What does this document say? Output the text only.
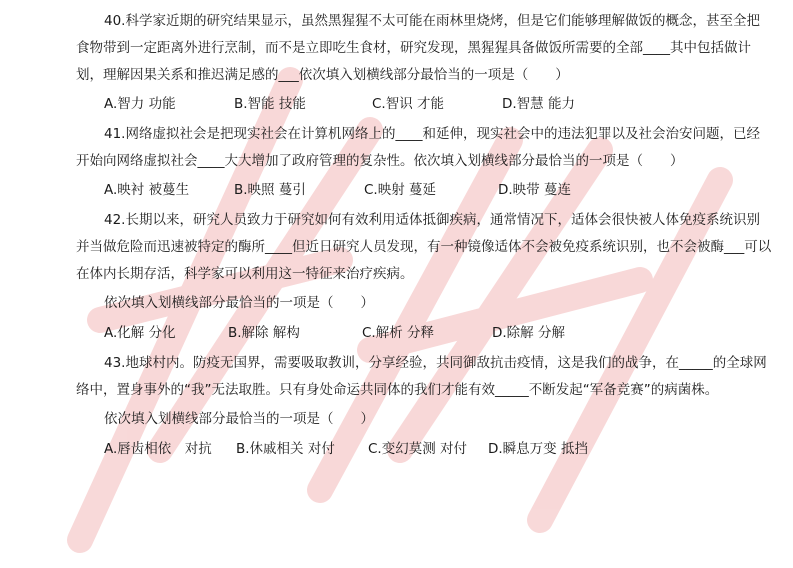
40.科学家近期的研究结果显示，虽然黑猩猩不太可能在雨林里烧烤，但是它们能够理解做饭的概念，甚至全把食物带到一定距离外进行烹制，而不是立即吃生食材，研究发现，黑猩猩具备做饭所需要的全部____其中包括做计划，理解因果关系和推迟满足感的___依次填入划横线部分最恰当的一项是（　　）

A.智力 功能	B.智能 技能	C.智识 才能	D.智慧 能力

41.网络虚拟社会是把现实社会在计算机网络上的____和延伸，现实社会中的违法犯罪以及社会治安问题，已经开始向网络虚拟社会____大大增加了政府管理的复杂性。依次填入划横线部分最恰当的一项是（　　）

A.映衬 被蔓生	B.映照 蔓引	C.映射 蔓延	D.映带 蔓连

42.长期以来，研究人员致力于研究如何有效利用适体抵御疾病，通常情况下，适体会很快被人体免疫系统识别并当做危险而迅速被特定的酶所____但近日研究人员发现，有一种镜像适体不会被免疫系统识别，也不会被酶___可以在体内长期存活，科学家可以利用这一特征来治疗疾病。

依次填入划横线部分最恰当的一项是（　　）
A.化解 分化	B.解除 解构	C.解析 分释	D.除解 分解

43.地球村内。防疫无国界，需要吸取教训，分享经验，共同御敌抗击疫情，这是我们的战争，在_____的全球网络中，置身事外的“我”无法取胜。只有身处命运共同体的我们才能有效_____不断发起“军备竞赛”的病菌株。

依次填入划横线部分最恰当的一项是（　　）
A.唇齿相依　对抗	B.休戚相关 对付	C.变幻莫测 对付	D.瞬息万变 抵挡
